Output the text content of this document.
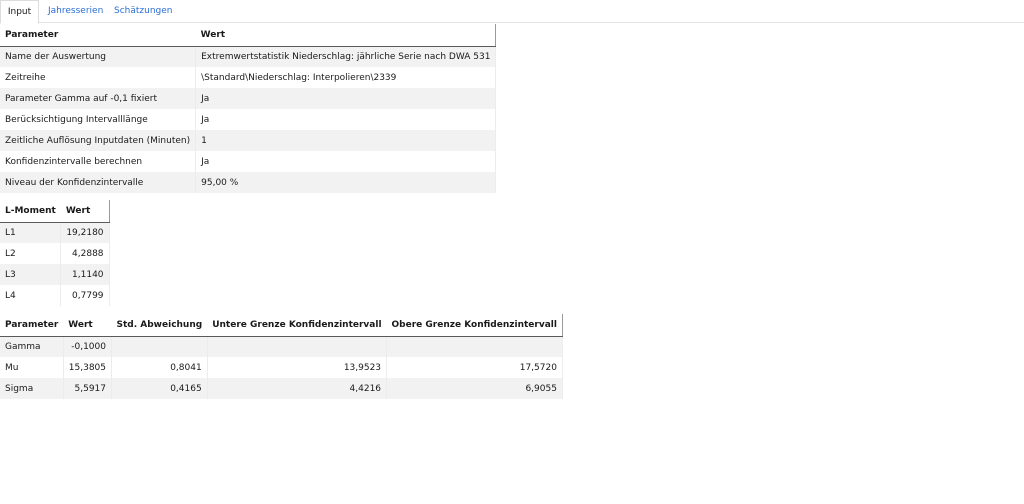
Input	Jahresserien Schätzungen
Parameter	Wert
Name der Auswertung	Extremwertstatistik Niederschlag: jährliche Serie nach DWA 531
Zeitreihe	\Standard\Niederschlag: Interpolieren\2339
Parameter Gamma auf -0,1 fixiert	Ja
Berücksichtigung Intervalllänge	Ja
Zeitliche Auflösung Inputdaten (Minuten)	1
Konfidenzintervalle berechnen	Ja
Niveau der Konfidenzintervalle	95,00 %
L-Moment	Wert
L1	19,2180
L2	4,2888
L3	1,1140
L4	0,7799
Parameter	Wert	Std. Abweichung	Untere Grenze Konfidenzintervall	Obere Grenze Konfidenzintervall
Gamma	-0,1000			
Mu	15,3805	0,8041	13,9523	17,5720
Sigma	5,5917	0,4165	4,4216	6,9055
